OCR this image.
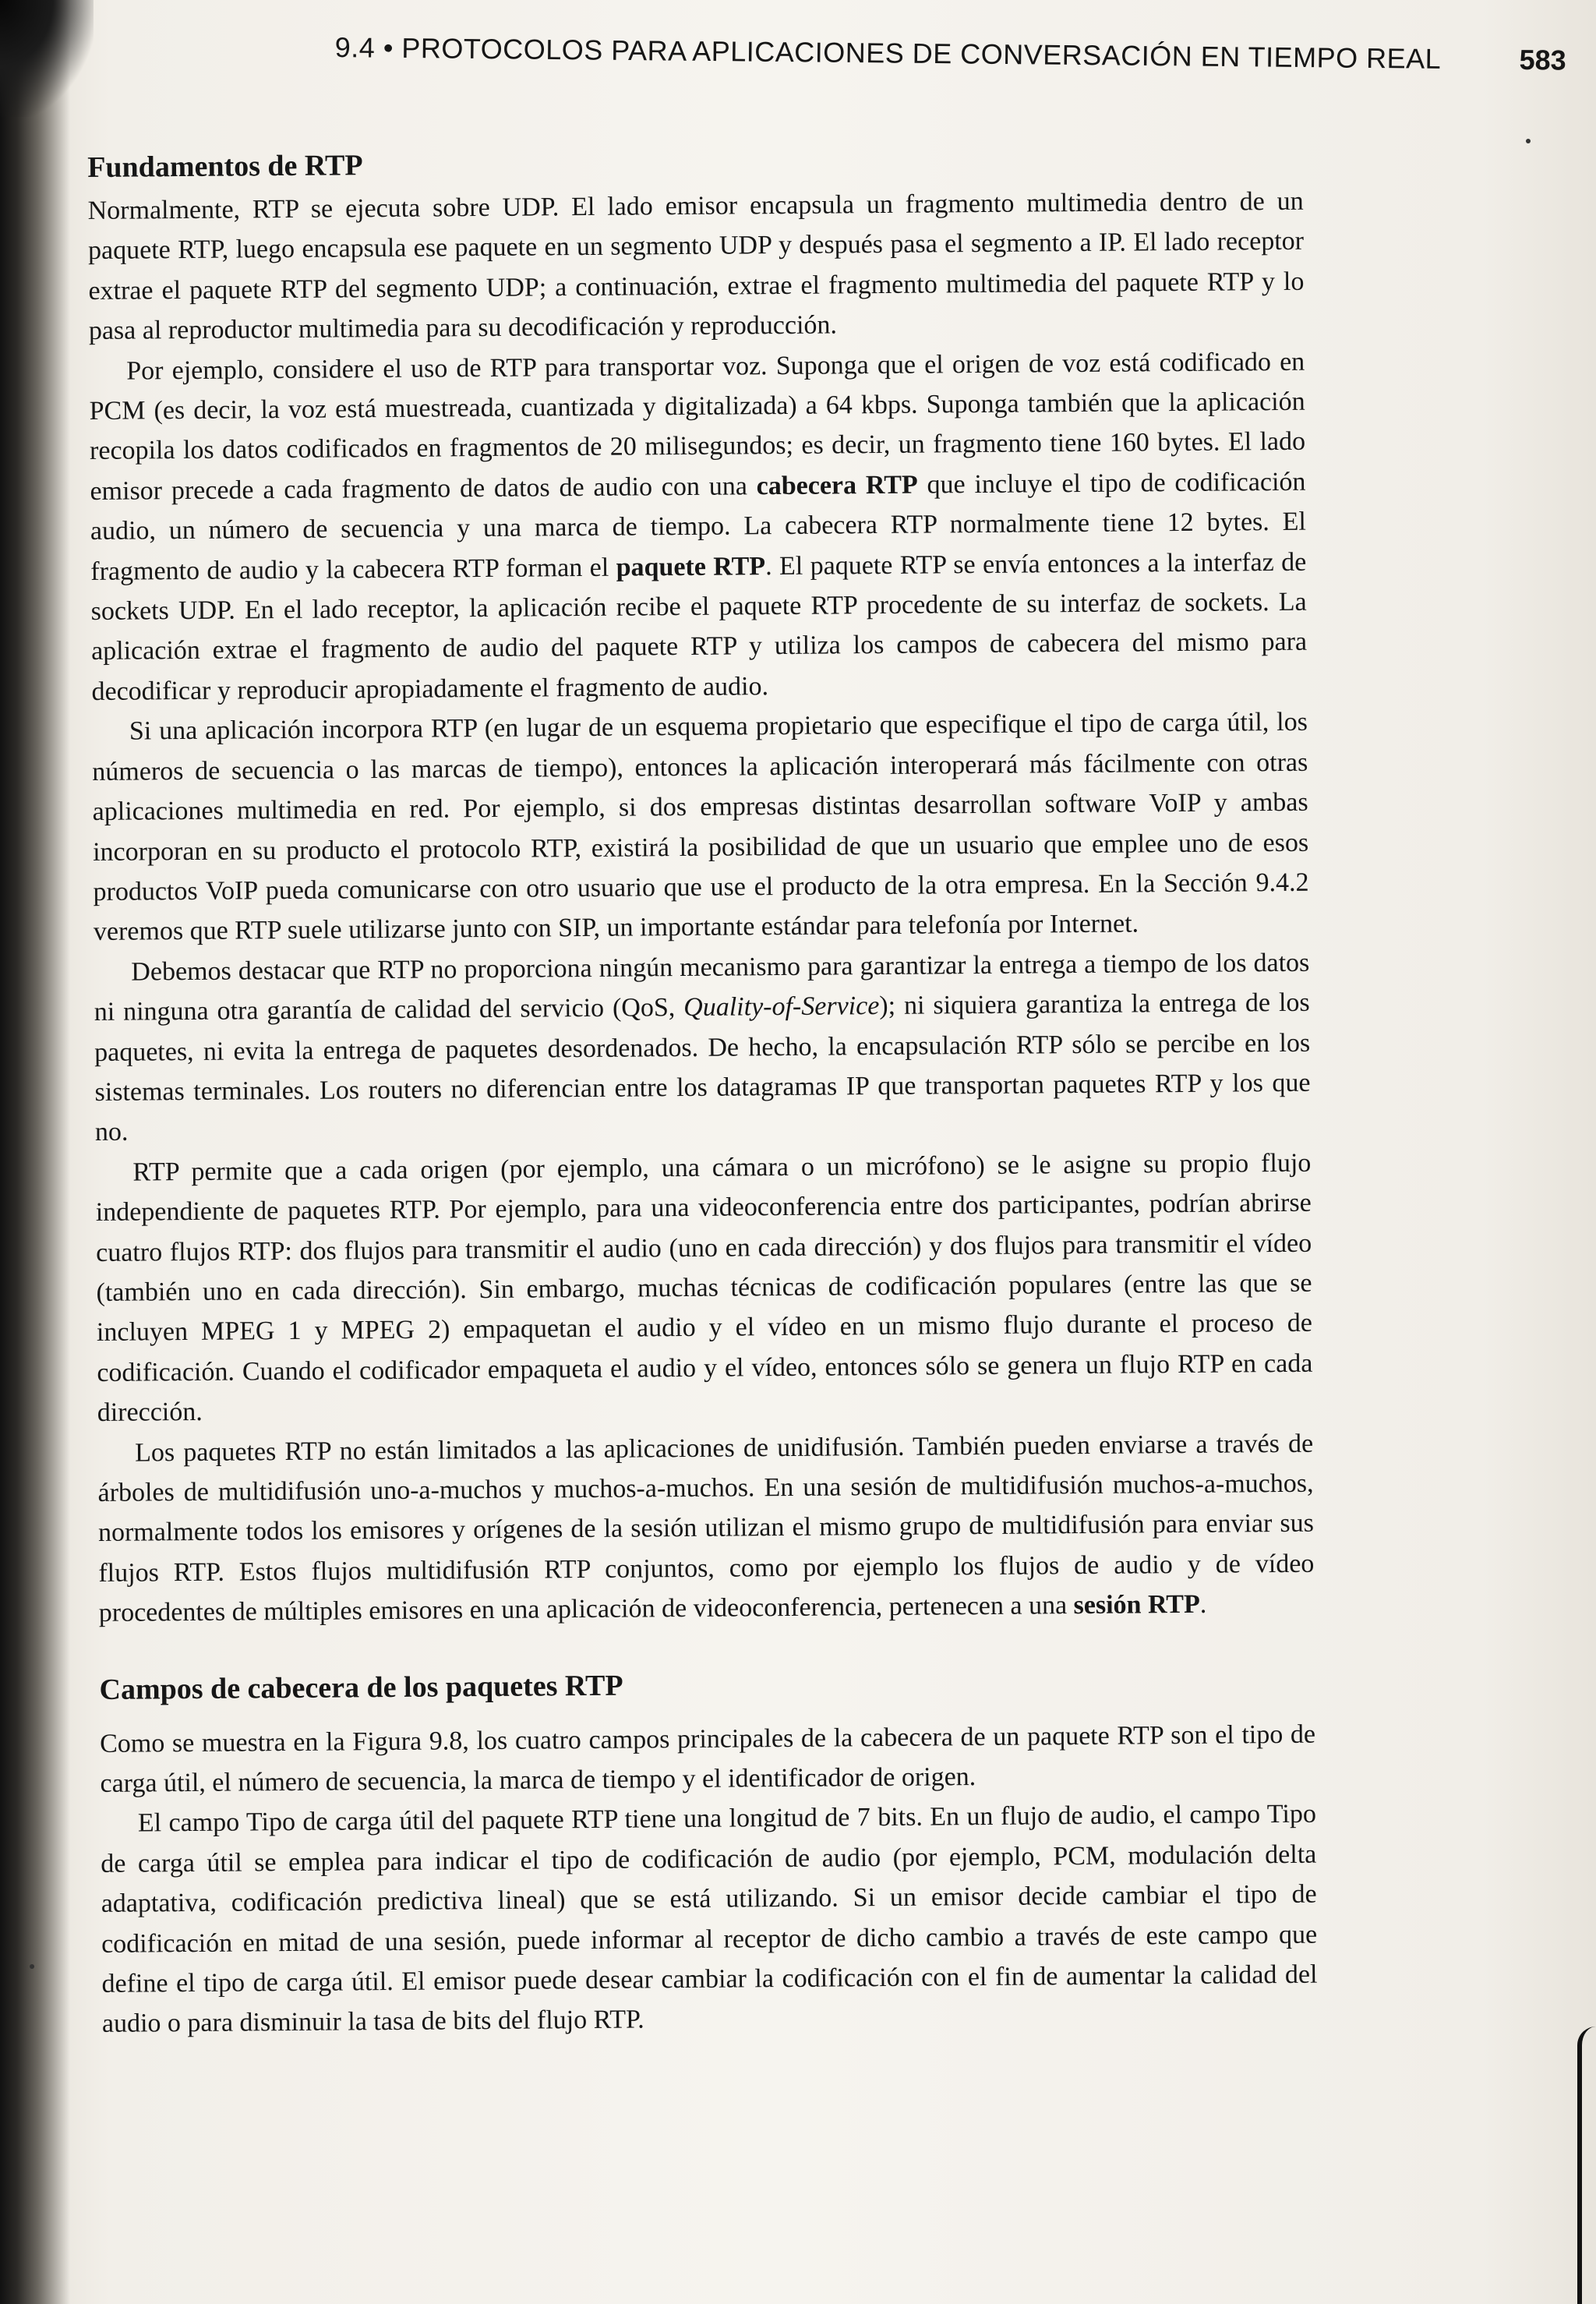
9.4 • PROTOCOLOS PARA APLICACIONES DE CONVERSACIÓN EN TIEMPO REAL	583
Fundamentos de RTP

Normalmente, RTP se ejecuta sobre UDP. El lado emisor encapsula un fragmento multimedia dentro de un paquete RTP, luego encapsula ese paquete en un segmento UDP y después pasa el segmento a IP. El lado receptor extrae el paquete RTP del segmento UDP; a continuación, extrae el fragmento multimedia del paquete RTP y lo pasa al reproductor multimedia para su decodificación y reproducción.

Por ejemplo, considere el uso de RTP para transportar voz. Suponga que el origen de voz está codificado en PCM (es decir, la voz está muestreada, cuantizada y digitalizada) a 64 kbps. Suponga también que la aplicación recopila los datos codificados en fragmentos de 20 milisegundos; es decir, un fragmento tiene 160 bytes. El lado emisor precede a cada fragmento de datos de audio con una cabecera RTP que incluye el tipo de codificación audio, un número de secuencia y una marca de tiempo. La cabecera RTP normalmente tiene 12 bytes. El fragmento de audio y la cabecera RTP forman el paquete RTP. El paquete RTP se envía entonces a la interfaz de sockets UDP. En el lado receptor, la aplicación recibe el paquete RTP procedente de su interfaz de sockets. La aplicación extrae el fragmento de audio del paquete RTP y utiliza los campos de cabecera del mismo para decodificar y reproducir apropiadamente el fragmento de audio.

Si una aplicación incorpora RTP (en lugar de un esquema propietario que especifique el tipo de carga útil, los números de secuencia o las marcas de tiempo), entonces la aplicación interoperará más fácilmente con otras aplicaciones multimedia en red. Por ejemplo, si dos empresas distintas desarrollan software VoIP y ambas incorporan en su producto el protocolo RTP, existirá la posibilidad de que un usuario que emplee uno de esos productos VoIP pueda comunicarse con otro usuario que use el producto de la otra empresa. En la Sección 9.4.2 veremos que RTP suele utilizarse junto con SIP, un importante estándar para telefonía por Internet.

Debemos destacar que RTP no proporciona ningún mecanismo para garantizar la entrega a tiempo de los datos ni ninguna otra garantía de calidad del servicio (QoS, Quality-of-Service); ni siquiera garantiza la entrega de los paquetes, ni evita la entrega de paquetes desordenados. De hecho, la encapsulación RTP sólo se percibe en los sistemas terminales. Los routers no diferencian entre los datagramas IP que transportan paquetes RTP y los que no.

RTP permite que a cada origen (por ejemplo, una cámara o un micrófono) se le asigne su propio flujo independiente de paquetes RTP. Por ejemplo, para una videoconferencia entre dos participantes, podrían abrirse cuatro flujos RTP: dos flujos para transmitir el audio (uno en cada dirección) y dos flujos para transmitir el vídeo (también uno en cada dirección). Sin embargo, muchas técnicas de codificación populares (entre las que se incluyen MPEG 1 y MPEG 2) empaquetan el audio y el vídeo en un mismo flujo durante el proceso de codificación. Cuando el codificador empaqueta el audio y el vídeo, entonces sólo se genera un flujo RTP en cada dirección.

Los paquetes RTP no están limitados a las aplicaciones de unidifusión. También pueden enviarse a través de árboles de multidifusión uno-a-muchos y muchos-a-muchos. En una sesión de multidifusión muchos-a-muchos, normalmente todos los emisores y orígenes de la sesión utilizan el mismo grupo de multidifusión para enviar sus flujos RTP. Estos flujos multidifusión RTP conjuntos, como por ejemplo los flujos de audio y de vídeo procedentes de múltiples emisores en una aplicación de videoconferencia, pertenecen a una sesión RTP.

Campos de cabecera de los paquetes RTP

Como se muestra en la Figura 9.8, los cuatro campos principales de la cabecera de un paquete RTP son el tipo de carga útil, el número de secuencia, la marca de tiempo y el identificador de origen.

El campo Tipo de carga útil del paquete RTP tiene una longitud de 7 bits. En un flujo de audio, el campo Tipo de carga útil se emplea para indicar el tipo de codificación de audio (por ejemplo, PCM, modulación delta adaptativa, codificación predictiva lineal) que se está utilizando. Si un emisor decide cambiar el tipo de codificación en mitad de una sesión, puede informar al receptor de dicho cambio a través de este campo que define el tipo de carga útil. El emisor puede desear cambiar la codificación con el fin de aumentar la calidad del audio o para disminuir la tasa de bits del flujo RTP.
